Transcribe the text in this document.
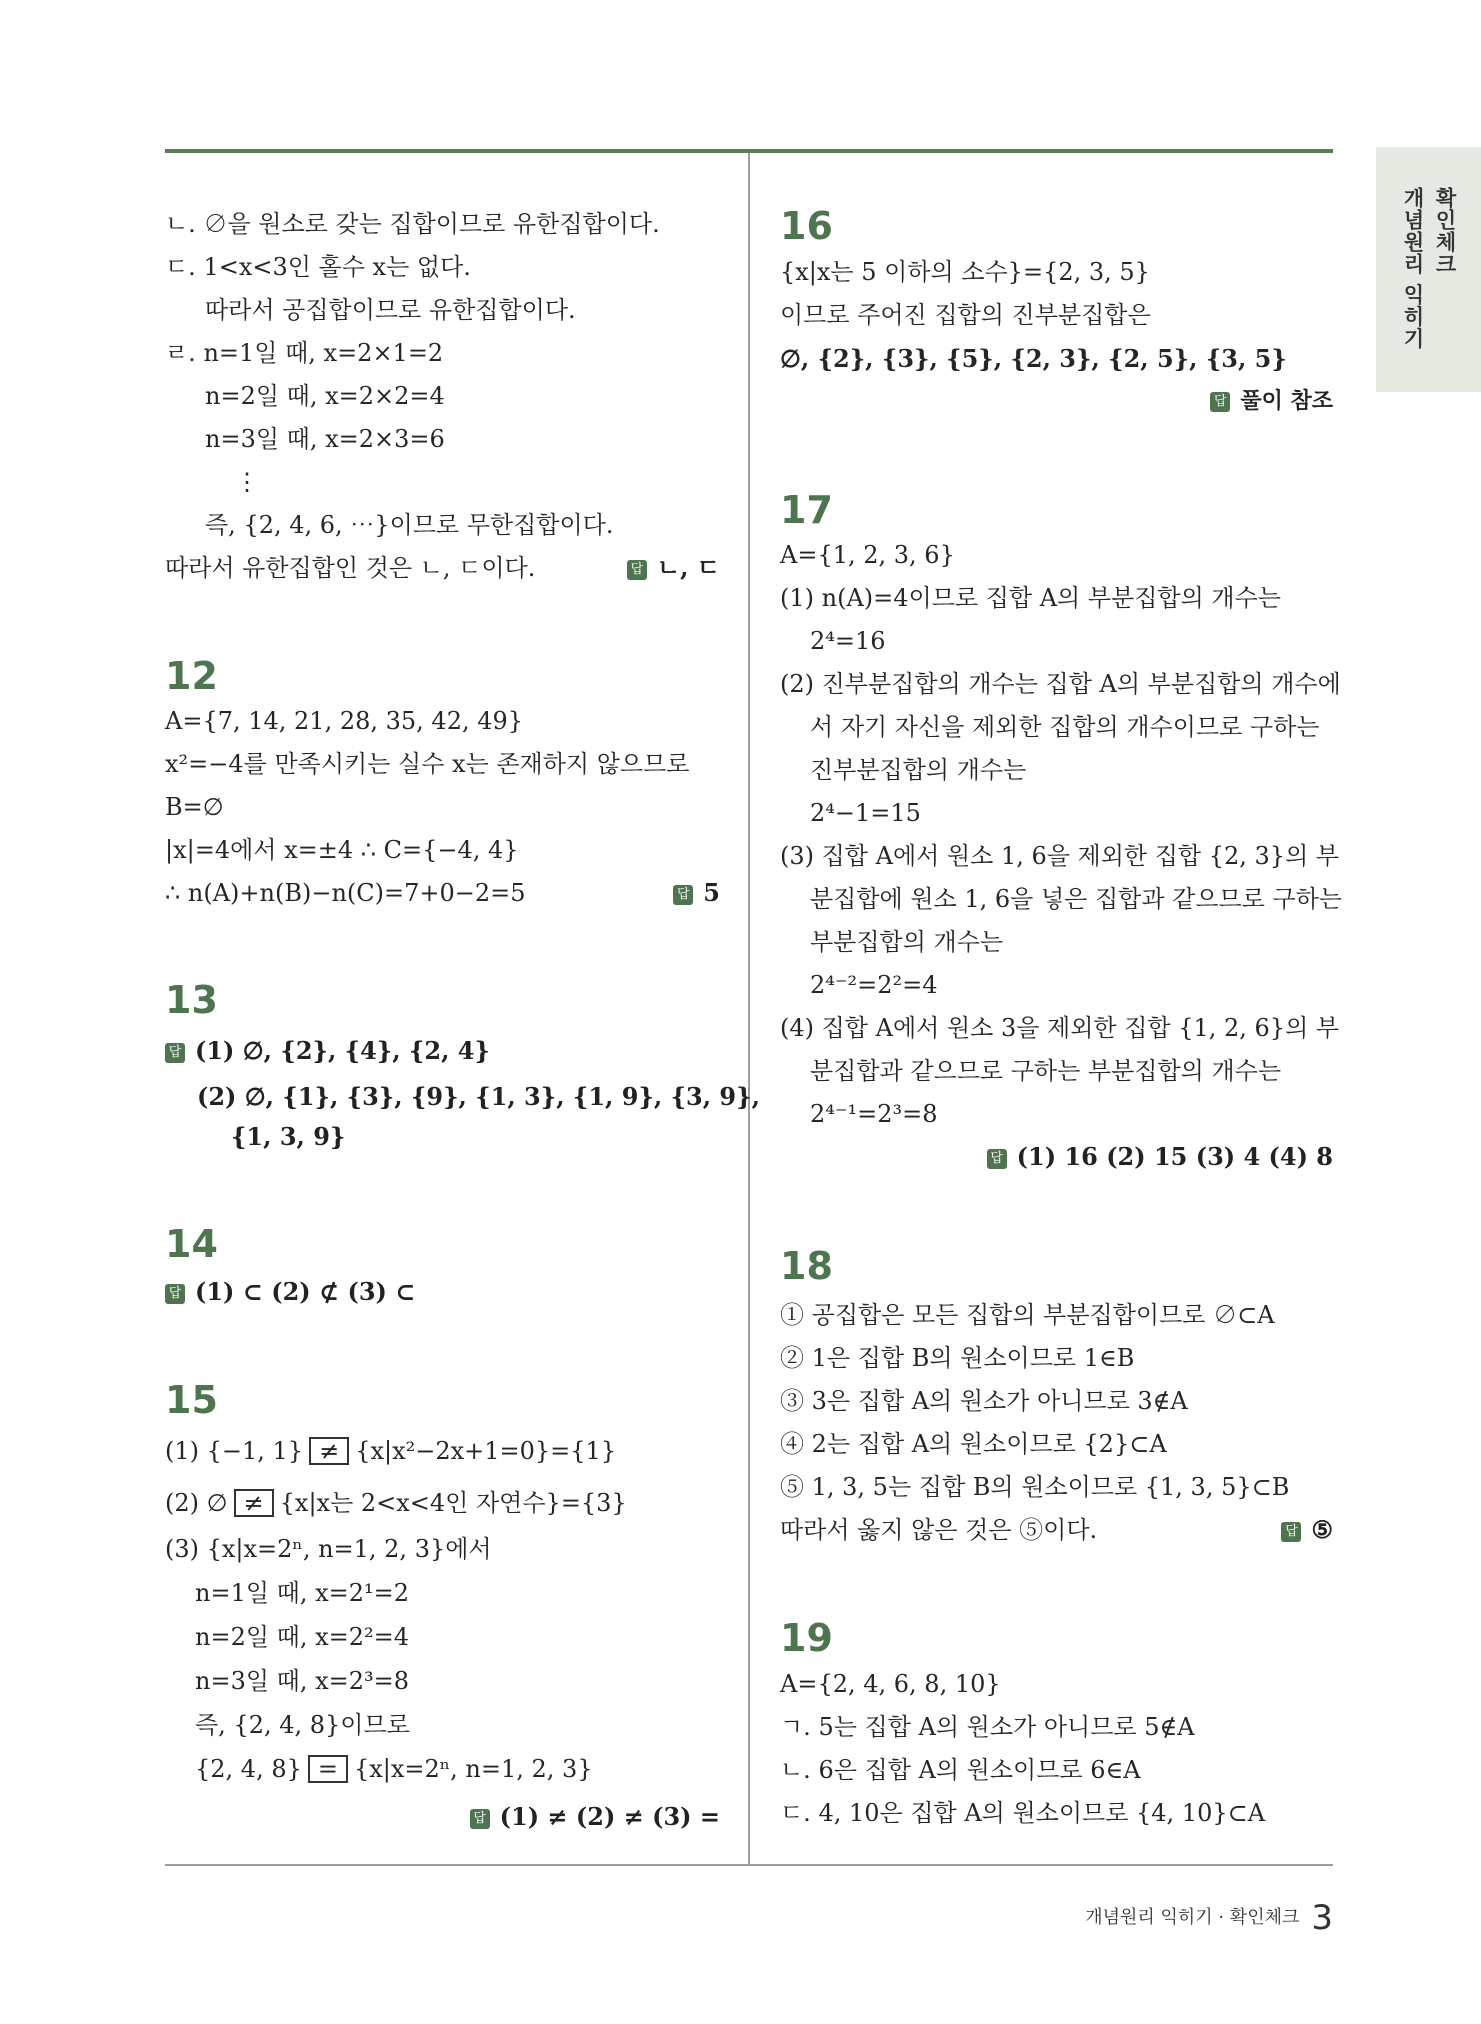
확인체크
개념원리 익히기
ㄴ. ∅을 원소로 갖는 집합이므로 유한집합이다.
ㄷ. 1<x<3인 홀수 x는 없다.
따라서 공집합이므로 유한집합이다.
ㄹ. n=1일 때, x=2×1=2
n=2일 때, x=2×2=4
n=3일 때, x=2×3=6
⋮
즉, {2, 4, 6, ⋯}이므로 무한집합이다.
따라서 유한집합인 것은 ㄴ, ㄷ이다.	답 ㄴ, ㄷ
12
A={7, 14, 21, 28, 35, 42, 49}
x²=−4를 만족시키는 실수 x는 존재하지 않으므로
B=∅
|x|=4에서 x=±4 ∴ C={−4, 4}
∴ n(A)+n(B)−n(C)=7+0−2=5	답 5
13
답 (1) ∅, {2}, {4}, {2, 4}
(2) ∅, {1}, {3}, {9}, {1, 3}, {1, 9}, {3, 9},
{1, 3, 9}
14
답 (1) ⊂ (2) ⊄ (3) ⊂
15
(1) {−1, 1} ≠ {x|x²−2x+1=0}={1}
(2) ∅ ≠ {x|x는 2<x<4인 자연수}={3}
(3) {x|x=2ⁿ, n=1, 2, 3}에서
n=1일 때, x=2¹=2
n=2일 때, x=2²=4
n=3일 때, x=2³=8
즉, {2, 4, 8}이므로
{2, 4, 8} = {x|x=2ⁿ, n=1, 2, 3}
답 (1) ≠ (2) ≠ (3) =
16
{x|x는 5 이하의 소수}={2, 3, 5}
이므로 주어진 집합의 진부분집합은
∅, {2}, {3}, {5}, {2, 3}, {2, 5}, {3, 5}
답 풀이 참조
17
A={1, 2, 3, 6}
(1) n(A)=4이므로 집합 A의 부분집합의 개수는
2⁴=16
(2) 진부분집합의 개수는 집합 A의 부분집합의 개수에
서 자기 자신을 제외한 집합의 개수이므로 구하는
진부분집합의 개수는
2⁴−1=15
(3) 집합 A에서 원소 1, 6을 제외한 집합 {2, 3}의 부
분집합에 원소 1, 6을 넣은 집합과 같으므로 구하는
부분집합의 개수는
2⁴⁻²=2²=4
(4) 집합 A에서 원소 3을 제외한 집합 {1, 2, 6}의 부
분집합과 같으므로 구하는 부분집합의 개수는
2⁴⁻¹=2³=8
답 (1) 16 (2) 15 (3) 4 (4) 8
18
① 공집합은 모든 집합의 부분집합이므로 ∅⊂A
② 1은 집합 B의 원소이므로 1∈B
③ 3은 집합 A의 원소가 아니므로 3∉A
④ 2는 집합 A의 원소이므로 {2}⊂A
⑤ 1, 3, 5는 집합 B의 원소이므로 {1, 3, 5}⊂B
따라서 옳지 않은 것은 ⑤이다.	답 ⑤
19
A={2, 4, 6, 8, 10}
ㄱ. 5는 집합 A의 원소가 아니므로 5∉A
ㄴ. 6은 집합 A의 원소이므로 6∈A
ㄷ. 4, 10은 집합 A의 원소이므로 {4, 10}⊂A
개념원리 익히기 · 확인체크 3
